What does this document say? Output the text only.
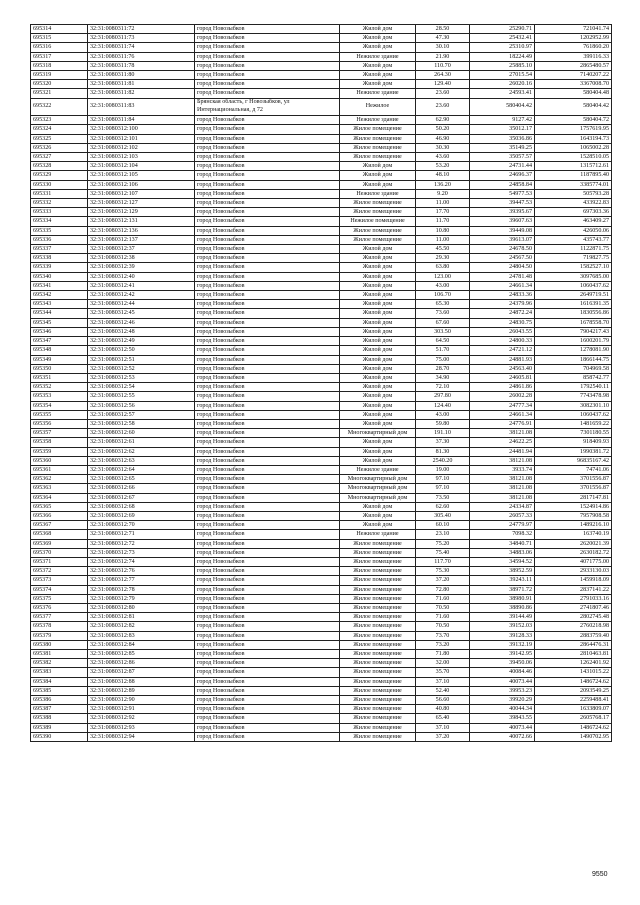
695314	32:31:0080311:72	город Новозыбков	Жилой дом	28.50	25290.71	721041.74
695315	32:31:0080311:73	город Новозыбков	Жилой дом	47.30	25432.41	1202952.99
695316	32:31:0080311:74	город Новозыбков	Жилой дом	30.10	25310.97	761860.20
695317	32:31:0080311:76	город Новозыбков	Нежилое здание	21.90	18224.49	399116.33
695318	32:31:0080311:78	город Новозыбков	Жилой дом	110.70	25885.10	2865480.57
695319	32:31:0080311:80	город Новозыбков	Жилой дом	264.30	27015.54	7140207.22
695320	32:31:0080311:81	город Новозыбков	Жилой дом	129.40	26020.16	3367008.70
695321	32:31:0080311:82	город Новозыбков	Нежилое здание	23.60	24593.41	580404.48
695322	32:31:0080311:83	Брянская область, г Новозыбков, ул Интернациональная, д 72	Нежилое	23.60	580404.42	580404.42
695323	32:31:0080311:84	город Новозыбков	Нежилое здание	62.90	9127.42	580404.72
695324	32:31:0080312:100	город Новозыбков	Жилое помещение	50.20	35012.17	1757619.95
695325	32:31:0080312:101	город Новозыбков	Жилое помещение	46.90	35036.86	1643194.73
695326	32:31:0080312:102	город Новозыбков	Жилое помещение	30.30	35149.25	1065002.28
695327	32:31:0080312:103	город Новозыбков	Жилое помещение	43.60	35057.57	1528510.05
695328	32:31:0080312:104	город Новозыбков	Жилой дом	53.20	24731.44	1315712.61
695329	32:31:0080312:105	город Новозыбков	Жилой дом	48.10	24696.37	1187895.40
695330	32:31:0080312:106	город Новозыбков	Жилой дом	136.20	24858.84	3385774.01
695331	32:31:0080312:107	город Новозыбков	Нежилое здание	9.20	54977.53	505793.28
695332	32:31:0080312:127	город Новозыбков	Жилое помещение	11.00	39447.53	433922.83
695333	32:31:0080312:129	город Новозыбков	Жилое помещение	17.70	39395.67	697303.36
695334	32:31:0080312:131	город Новозыбков	Нежилое помещение	11.70	39607.63	463409.27
695335	32:31:0080312:136	город Новозыбков	Жилое помещение	10.80	39449.08	426050.06
695336	32:31:0080312:137	город Новозыбков	Жилое помещение	11.00	39613.07	435743.77
695337	32:31:0080312:37	город Новозыбков	Жилой дом	45.50	24678.50	1122871.75
695338	32:31:0080312:38	город Новозыбков	Жилой дом	29.30	24567.50	719827.75
695339	32:31:0080312:39	город Новозыбков	Жилой дом	63.80	24804.50	1582527.10
695340	32:31:0080312:40	город Новозыбков	Жилой дом	123.00	24781.48	3097685.00
695341	32:31:0080312:41	город Новозыбков	Жилой дом	43.00	24661.34	1060437.62
695342	32:31:0080312:42	город Новозыбков	Жилой дом	106.70	24833.36	2649719.51
695343	32:31:0080312:44	город Новозыбков	Жилой дом	65.30	24379.96	1616391.35
695344	32:31:0080312:45	город Новозыбков	Жилой дом	73.60	24872.24	1830556.86
695345	32:31:0080312:46	город Новозыбков	Жилой дом	67.60	24830.75	1678558.70
695346	32:31:0080312:48	город Новозыбков	Жилой дом	303.50	26043.55	7904217.43
695347	32:31:0080312:49	город Новозыбков	Жилой дом	64.50	24800.33	1600201.79
695348	32:31:0080312:50	город Новозыбков	Жилой дом	51.70	24721.12	1278081.90
695349	32:31:0080312:51	город Новозыбков	Жилой дом	75.00	24881.93	1866144.75
695350	32:31:0080312:52	город Новозыбков	Жилой дом	28.70	24563.40	704969.58
695351	32:31:0080312:53	город Новозыбков	Жилой дом	34.90	24605.81	858742.77
695352	32:31:0080312:54	город Новозыбков	Жилой дом	72.10	24861.86	1792540.11
695353	32:31:0080312:55	город Новозыбков	Жилой дом	297.80	26002.28	7743478.98
695354	32:31:0080312:56	город Новозыбков	Жилой дом	124.40	24777.34	3082301.10
695355	32:31:0080312:57	город Новозыбков	Жилой дом	43.00	24661.34	1060437.62
695356	32:31:0080312:58	город Новозыбков	Жилой дом	59.80	24776.91	1481659.22
695357	32:31:0080312:60	город Новозыбков	Многоквартирный дом	191.10	38121.08	7301180.55
695358	32:31:0080312:61	город Новозыбков	Жилой дом	37.30	24622.25	918409.93
695359	32:31:0080312:62	город Новозыбков	Жилой дом	81.30	24481.94	1990381.72
695360	32:31:0080312:63	город Новозыбков	Жилой дом	2540.20	38121.08	96835167.42
695361	32:31:0080312:64	город Новозыбков	Нежилое здание	19.00	3933.74	74741.06
695362	32:31:0080312:65	город Новозыбков	Многоквартирный дом	97.10	38121.08	3701556.87
695363	32:31:0080312:66	город Новозыбков	Многоквартирный дом	97.10	38121.08	3701556.87
695364	32:31:0080312:67	город Новозыбков	Многоквартирный дом	73.50	38121.08	2817147.81
695365	32:31:0080312:68	город Новозыбков	Жилой дом	62.60	24334.87	1524914.86
695366	32:31:0080312:69	город Новозыбков	Жилой дом	305.40	26057.33	7957908.58
695367	32:31:0080312:70	город Новозыбков	Жилой дом	60.10	24779.97	1489216.10
695368	32:31:0080312:71	город Новозыбков	Нежилое здание	23.10	7098.32	163740.19
695369	32:31:0080312:72	город Новозыбков	Жилое помещение	75.20	34840.71	2620021.39
695370	32:31:0080312:73	город Новозыбков	Жилое помещение	75.40	34883.06	2630182.72
695371	32:31:0080312:74	город Новозыбков	Жилое помещение	117.70	34594.52	4071775.00
695372	32:31:0080312:76	город Новозыбков	Жилое помещение	75.30	38952.59	2933130.03
695373	32:31:0080312:77	город Новозыбков	Жилое помещение	37.20	39243.11	1459918.09
695374	32:31:0080312:78	город Новозыбков	Жилое помещение	72.80	38971.72	2837141.22
695375	32:31:0080312:79	город Новозыбков	Жилое помещение	71.60	38980.91	2791033.16
695376	32:31:0080312:80	город Новозыбков	Жилое помещение	70.50	38890.86	2741807.46
695377	32:31:0080312:81	город Новозыбков	Жилое помещение	71.60	39144.49	2802745.48
695378	32:31:0080312:82	город Новозыбков	Жилое помещение	70.50	39152.03	2760218.98
695379	32:31:0080312:83	город Новозыбков	Жилое помещение	73.70	39128.33	2883759.40
695380	32:31:0080312:84	город Новозыбков	Жилое помещение	73.20	39132.19	2864476.31
695381	32:31:0080312:85	город Новозыбков	Жилое помещение	71.80	39142.95	2810463.81
695382	32:31:0080312:86	город Новозыбков	Жилое помещение	32.00	39450.06	1262401.92
695383	32:31:0080312:87	город Новозыбков	Жилое помещение	35.70	40084.46	1431015.22
695384	32:31:0080312:88	город Новозыбков	Жилое помещение	37.10	40073.44	1486724.62
695385	32:31:0080312:89	город Новозыбков	Жилое помещение	52.40	39953.23	2093549.25
695386	32:31:0080312:90	город Новозыбков	Жилое помещение	56.60	39920.29	2259488.41
695387	32:31:0080312:91	город Новозыбков	Жилое помещение	40.80	40044.34	1633809.07
695388	32:31:0080312:92	город Новозыбков	Жилое помещение	65.40	39843.55	2605768.17
695389	32:31:0080312:93	город Новозыбков	Жилое помещение	37.10	40073.44	1486724.62
695390	32:31:0080312:94	город Новозыбков	Жилое помещение	37.20	40072.66	1490702.95
9550
